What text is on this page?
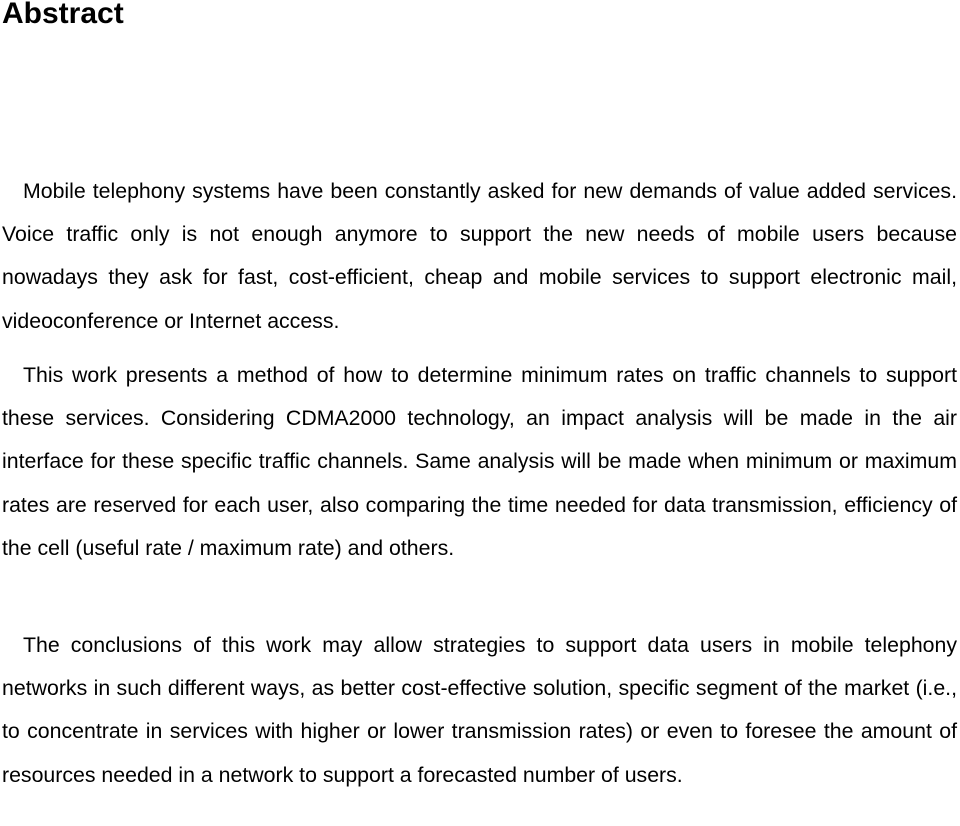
Abstract

Mobile telephony systems have been constantly asked for new demands of value added services. Voice traffic only is not enough anymore to support the new needs of mobile users because nowadays they ask for fast, cost-efficient, cheap and mobile services to support electronic mail, videoconference or Internet access.

This work presents a method of how to determine minimum rates on traffic channels to support these services. Considering CDMA2000 technology, an impact analysis will be made in the air interface for these specific traffic channels. Same analysis will be made when minimum or maximum rates are reserved for each user, also comparing the time needed for data transmission, efficiency of the cell (useful rate / maximum rate) and others.

The conclusions of this work may allow strategies to support data users in mobile telephony networks in such different ways, as better cost-effective solution, specific segment of the market (i.e., to concentrate in services with higher or lower transmission rates) or even to foresee the amount of resources needed in a network to support a forecasted number of users.
